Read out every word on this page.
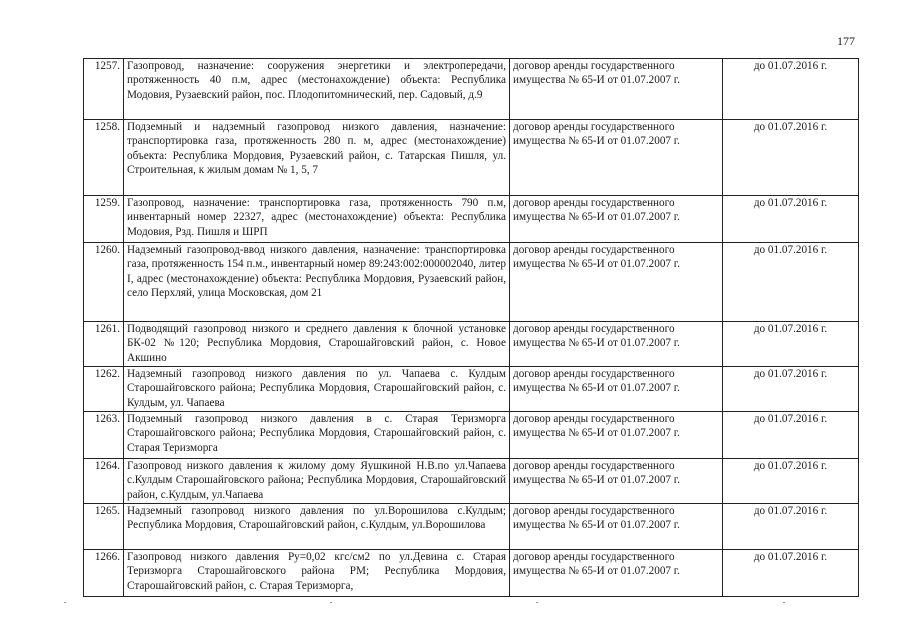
177
1257.	Газопровод, назначение: сооружения энергетики и электропередачи, протяженность 40 п.м, адрес (местонахождение) объекта: Республика Модовия, Рузаевский район, пос. Плодопитомнический, пер. Садовый, д.9	договор аренды государственного имущества № 65-И от 01.07.2007 г.	до 01.07.2016 г.
1258.	Подземный и надземный газопровод низкого давления, назначение: транспортировка газа, протяженность 280 п. м, адрес (местонахождение) объекта: Республика Мордовия, Рузаевский район, с. Татарская Пишля, ул. Строительная, к жилым домам № 1, 5, 7	договор аренды государственного имущества № 65-И от 01.07.2007 г.	до 01.07.2016 г.
1259.	Газопровод, назначение: транспортировка газа, протяженность 790 п.м, инвентарный номер 22327, адрес (местонахождение) объекта: Республика Модовия, Рзд. Пишля и ШРП	договор аренды государственного имущества № 65-И от 01.07.2007 г.	до 01.07.2016 г.
1260.	Надземный газопровод-ввод низкого давления, назначение: транспортировка газа, протяженность 154 п.м., инвентарный номер 89:243:002:000002040, литер I, адрес (местонахождение) объекта: Республика Мордовия, Рузаевский район, село Перхляй, улица Московская, дом 21	договор аренды государственного имущества № 65-И от 01.07.2007 г.	до 01.07.2016 г.
1261.	Подводящий газопровод низкого и среднего давления к блочной установке БК-02 №120; Республика Мордовия, Старошайговский район, с. Новое Акшино	договор аренды государственного имущества № 65-И от 01.07.2007 г.	до 01.07.2016 г.
1262.	Надземный газопровод низкого давления по ул. Чапаева с. Кулдым Старошайговского района; Республика Мордовия, Старошайговский район, с. Кулдым, ул. Чапаева	договор аренды государственного имущества № 65-И от 01.07.2007 г.	до 01.07.2016 г.
1263.	Подземный газопровод низкого давления в с. Старая Теризморга Старошайговского района; Республика Мордовия, Старошайговский район, с. Старая Теризморга	договор аренды государственного имущества № 65-И от 01.07.2007 г.	до 01.07.2016 г.
1264.	Газопровод низкого давления к жилому дому Яушкиной Н.В.по ул.Чапаева с.Кулдым Старошайговского района; Республика Мордовия, Старошайговский район, с.Кулдым, ул.Чапаева	договор аренды государственного имущества № 65-И от 01.07.2007 г.	до 01.07.2016 г.
1265.	Надземный газопровод низкого давления по ул.Ворошилова с.Кулдым; Республика Мордовия, Старошайговский район, с.Кулдым, ул.Ворошилова	договор аренды государственного имущества № 65-И от 01.07.2007 г.	до 01.07.2016 г.
1266.	Газопровод низкого давления Ру=0,02 кгс/см2 по ул.Девина с. Старая Теризморга Старошайговского района РМ; Республика Мордовия, Старошайговский район, с. Старая Теризморга,	договор аренды государственного имущества № 65-И от 01.07.2007 г.	до 01.07.2016 г.
